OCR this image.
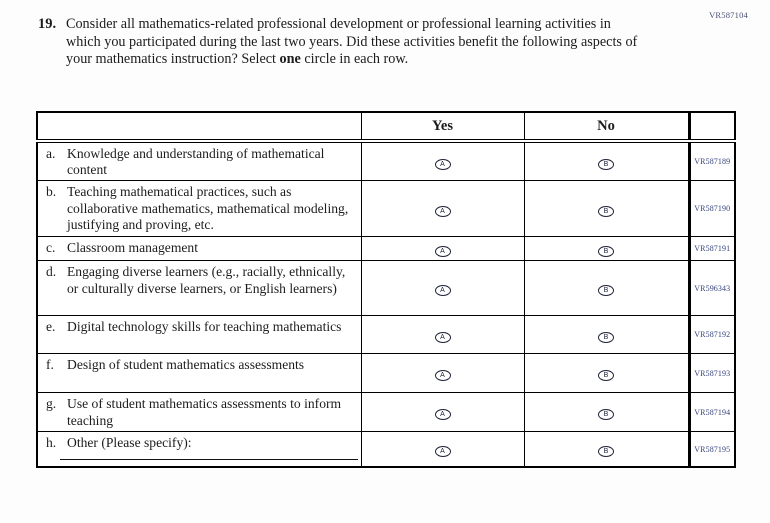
VR587104
19. Consider all mathematics-related professional development or professional learning activities in which you participated during the last two years. Did these activities benefit the following aspects of your mathematics instruction? Select one circle in each row.
	Yes	No	

a. Knowledge and understanding of mathematical content	A	B	VR587189

b. Teaching mathematical practices, such as collaborative mathematics, mathematical modeling, justifying and proving, etc.	A	B	VR587190

c. Classroom management	A	B	VR587191

d. Engaging diverse learners (e.g., racially, ethnically, or culturally diverse learners, or English learners)	A	B	VR596343

e. Digital technology skills for teaching mathematics	A	B	VR587192

f. Design of student mathematics assessments	A	B	VR587193

g. Use of student mathematics assessments to inform teaching	A	B	VR587194

h. Other (Please specify):	A	B	VR587195
